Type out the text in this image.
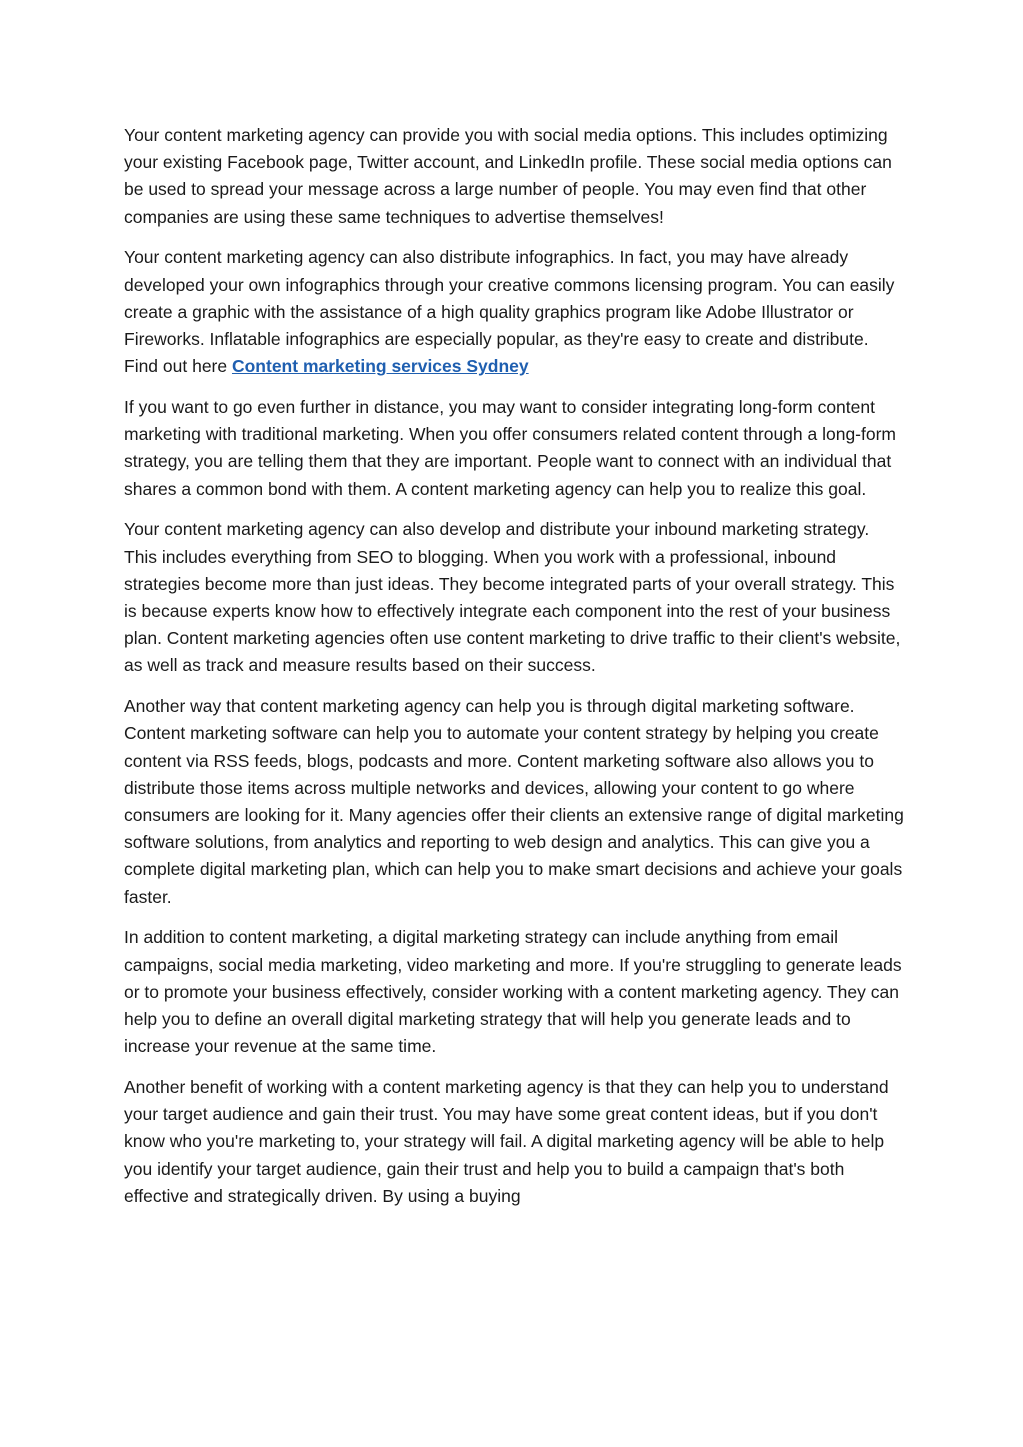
Your content marketing agency can provide you with social media options. This includes optimizing your existing Facebook page, Twitter account, and LinkedIn profile. These social media options can be used to spread your message across a large number of people. You may even find that other companies are using these same techniques to advertise themselves!

Your content marketing agency can also distribute infographics. In fact, you may have already developed your own infographics through your creative commons licensing program. You can easily create a graphic with the assistance of a high quality graphics program like Adobe Illustrator or Fireworks. Inflatable infographics are especially popular, as they're easy to create and distribute. Find out here Content marketing services Sydney

If you want to go even further in distance, you may want to consider integrating long-form content marketing with traditional marketing. When you offer consumers related content through a long-form strategy, you are telling them that they are important. People want to connect with an individual that shares a common bond with them. A content marketing agency can help you to realize this goal.

Your content marketing agency can also develop and distribute your inbound marketing strategy. This includes everything from SEO to blogging. When you work with a professional, inbound strategies become more than just ideas. They become integrated parts of your overall strategy. This is because experts know how to effectively integrate each component into the rest of your business plan. Content marketing agencies often use content marketing to drive traffic to their client's website, as well as track and measure results based on their success.

Another way that content marketing agency can help you is through digital marketing software. Content marketing software can help you to automate your content strategy by helping you create content via RSS feeds, blogs, podcasts and more. Content marketing software also allows you to distribute those items across multiple networks and devices, allowing your content to go where consumers are looking for it. Many agencies offer their clients an extensive range of digital marketing software solutions, from analytics and reporting to web design and analytics. This can give you a complete digital marketing plan, which can help you to make smart decisions and achieve your goals faster.

In addition to content marketing, a digital marketing strategy can include anything from email campaigns, social media marketing, video marketing and more. If you're struggling to generate leads or to promote your business effectively, consider working with a content marketing agency. They can help you to define an overall digital marketing strategy that will help you generate leads and to increase your revenue at the same time.

Another benefit of working with a content marketing agency is that they can help you to understand your target audience and gain their trust. You may have some great content ideas, but if you don't know who you're marketing to, your strategy will fail. A digital marketing agency will be able to help you identify your target audience, gain their trust and help you to build a campaign that's both effective and strategically driven. By using a buying
